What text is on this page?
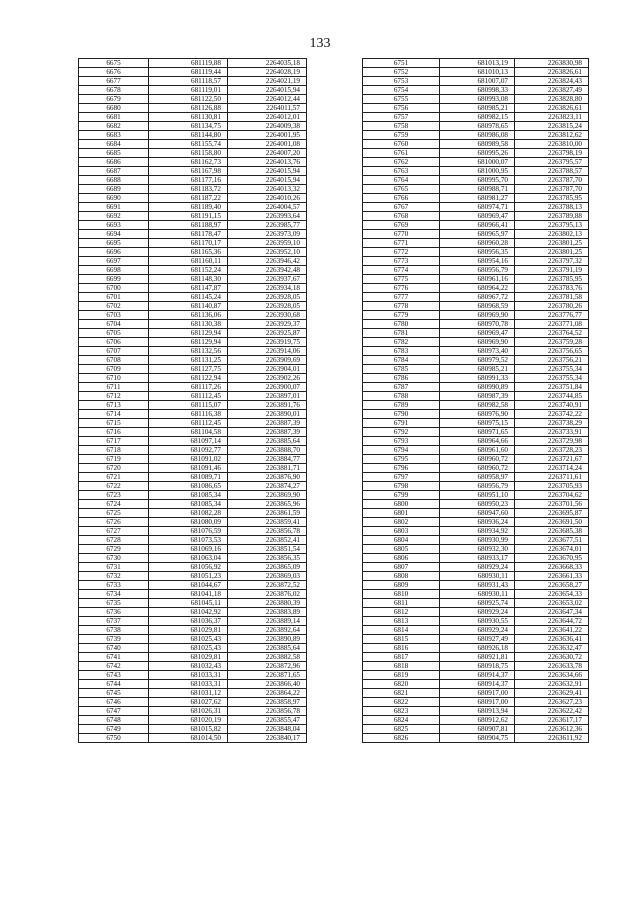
133
6675	681119,88	2264035,18
6676	681119,44	2264028,19
6677	681118,57	2264021,19
6678	681119,01	2264015,94
6679	681122,50	2264012,44
6680	681126,88	2264011,57
6681	681130,81	2264012,01
6682	681134,75	2264009,38
6683	681144,80	2264001,95
6684	681155,74	2264001,08
6685	681158,80	2264007,20
6686	681162,73	2264013,76
6687	681167,98	2264015,94
6688	681177,16	2264015,94
6689	681183,72	2264013,32
6690	681187,22	2264010,26
6691	681189,40	2264004,57
6692	681191,15	2263993,64
6693	681188,97	2263985,77
6694	681178,47	2263973,09
6695	681170,17	2263959,10
6696	681165,36	2263952,10
6697	681160,11	2263946,42
6698	681152,24	2263942,48
6699	681148,30	2263937,67
6700	681147,87	2263934,18
6701	681145,24	2263928,05
6702	681140,87	2263928,05
6703	681136,06	2263930,68
6704	681130,38	2263929,37
6705	681129,94	2263925,87
6706	681129,94	2263919,75
6707	681132,56	2263914,06
6708	681131,25	2263909,69
6709	681127,75	2263904,01
6710	681122,94	2263902,26
6711	681117,26	2263900,07
6712	681112,45	2263897,01
6713	681115,07	2263891,76
6714	681116,38	2263890,01
6715	681112,45	2263887,39
6716	681104,58	2263887,39
6717	681097,14	2263885,64
6718	681092,77	2263888,70
6719	681091,02	2263884,77
6720	681091,46	2263881,71
6721	681089,71	2263876,90
6722	681086,65	2263874,27
6723	681085,34	2263869,90
6724	681085,34	2263865,96
6725	681082,28	2263861,59
6726	681080,09	2263859,41
6727	681076,59	2263856,78
6728	681073,53	2263852,41
6729	681069,16	2263851,54
6730	681063,04	2263856,35
6731	681056,92	2263865,09
6732	681051,23	2263869,03
6733	681044,67	2263872,52
6734	681041,18	2263876,02
6735	681045,11	2263880,39
6736	681042,92	2263883,89
6737	681036,37	2263889,14
6738	681029,81	2263892,64
6739	681025,43	2263890,89
6740	681025,43	2263885,64
6741	681029,81	2263882,58
6742	681032,43	2263872,96
6743	681033,31	2263871,65
6744	681033,31	2263866,40
6745	681031,12	2263864,22
6746	681027,62	2263858,97
6747	681026,31	2263856,78
6748	681020,19	2263855,47
6749	681015,82	2263848,04
6750	681014,50	2263840,17
6751	681013,19	2263830,98
6752	681010,13	2263826,61
6753	681007,07	2263824,43
6754	680998,33	2263827,49
6755	680993,08	2263828,80
6756	680985,21	2263826,61
6757	680982,15	2263823,11
6758	680978,65	2263815,24
6759	680986,08	2263812,62
6760	680989,58	2263810,00
6761	680995,26	2263798,19
6762	681000,07	2263795,57
6763	681000,95	2263788,57
6764	680995,70	2263787,70
6765	680988,71	2263787,70
6766	680981,27	2263785,95
6767	680974,71	2263788,13
6768	680969,47	2263789,88
6769	680966,41	2263795,13
6770	680965,97	2263802,13
6771	680960,28	2263801,25
6772	680956,35	2263801,25
6773	680954,16	2263797,32
6774	680956,79	2263791,19
6775	680961,16	2263785,95
6776	680964,22	2263783,76
6777	680967,72	2263781,58
6778	680968,59	2263780,26
6779	680969,90	2263776,77
6780	680970,78	2263771,08
6781	680969,47	2263764,52
6782	680969,90	2263759,28
6783	680973,40	2263756,65
6784	680979,52	2263756,21
6785	680985,21	2263755,34
6786	680991,33	2263755,34
6787	680990,89	2263751,84
6788	680987,39	2263744,85
6789	680982,58	2263740,91
6790	680976,90	2263742,22
6791	680975,15	2263738,29
6792	680971,65	2263733,91
6793	680964,66	2263729,98
6794	680961,60	2263728,23
6795	680960,72	2263721,67
6796	680960,72	2263714,24
6797	680958,97	2263711,61
6798	680956,79	2263705,93
6799	680951,10	2263704,62
6800	680950,23	2263701,56
6801	680947,60	2263695,87
6802	680936,24	2263691,50
6803	680934,92	2263685,38
6804	680930,99	2263677,51
6805	680932,30	2263674,01
6806	680933,17	2263670,95
6807	680929,24	2263668,33
6808	680930,11	2263661,33
6809	680931,43	2263658,27
6810	680930,11	2263654,33
6811	680925,74	2263653,02
6812	680929,24	2263647,34
6813	680930,55	2263644,72
6814	680929,24	2263641,22
6815	680927,49	2263636,41
6816	680926,18	2263632,47
6817	680921,81	2263630,72
6818	680918,75	2263633,78
6819	680914,37	2263634,66
6820	680914,37	2263632,91
6821	680917,00	2263629,41
6822	680917,00	2263627,23
6823	680913,94	2263622,42
6824	680912,62	2263617,17
6825	680907,81	2263612,36
6826	680904,75	2263611,92
